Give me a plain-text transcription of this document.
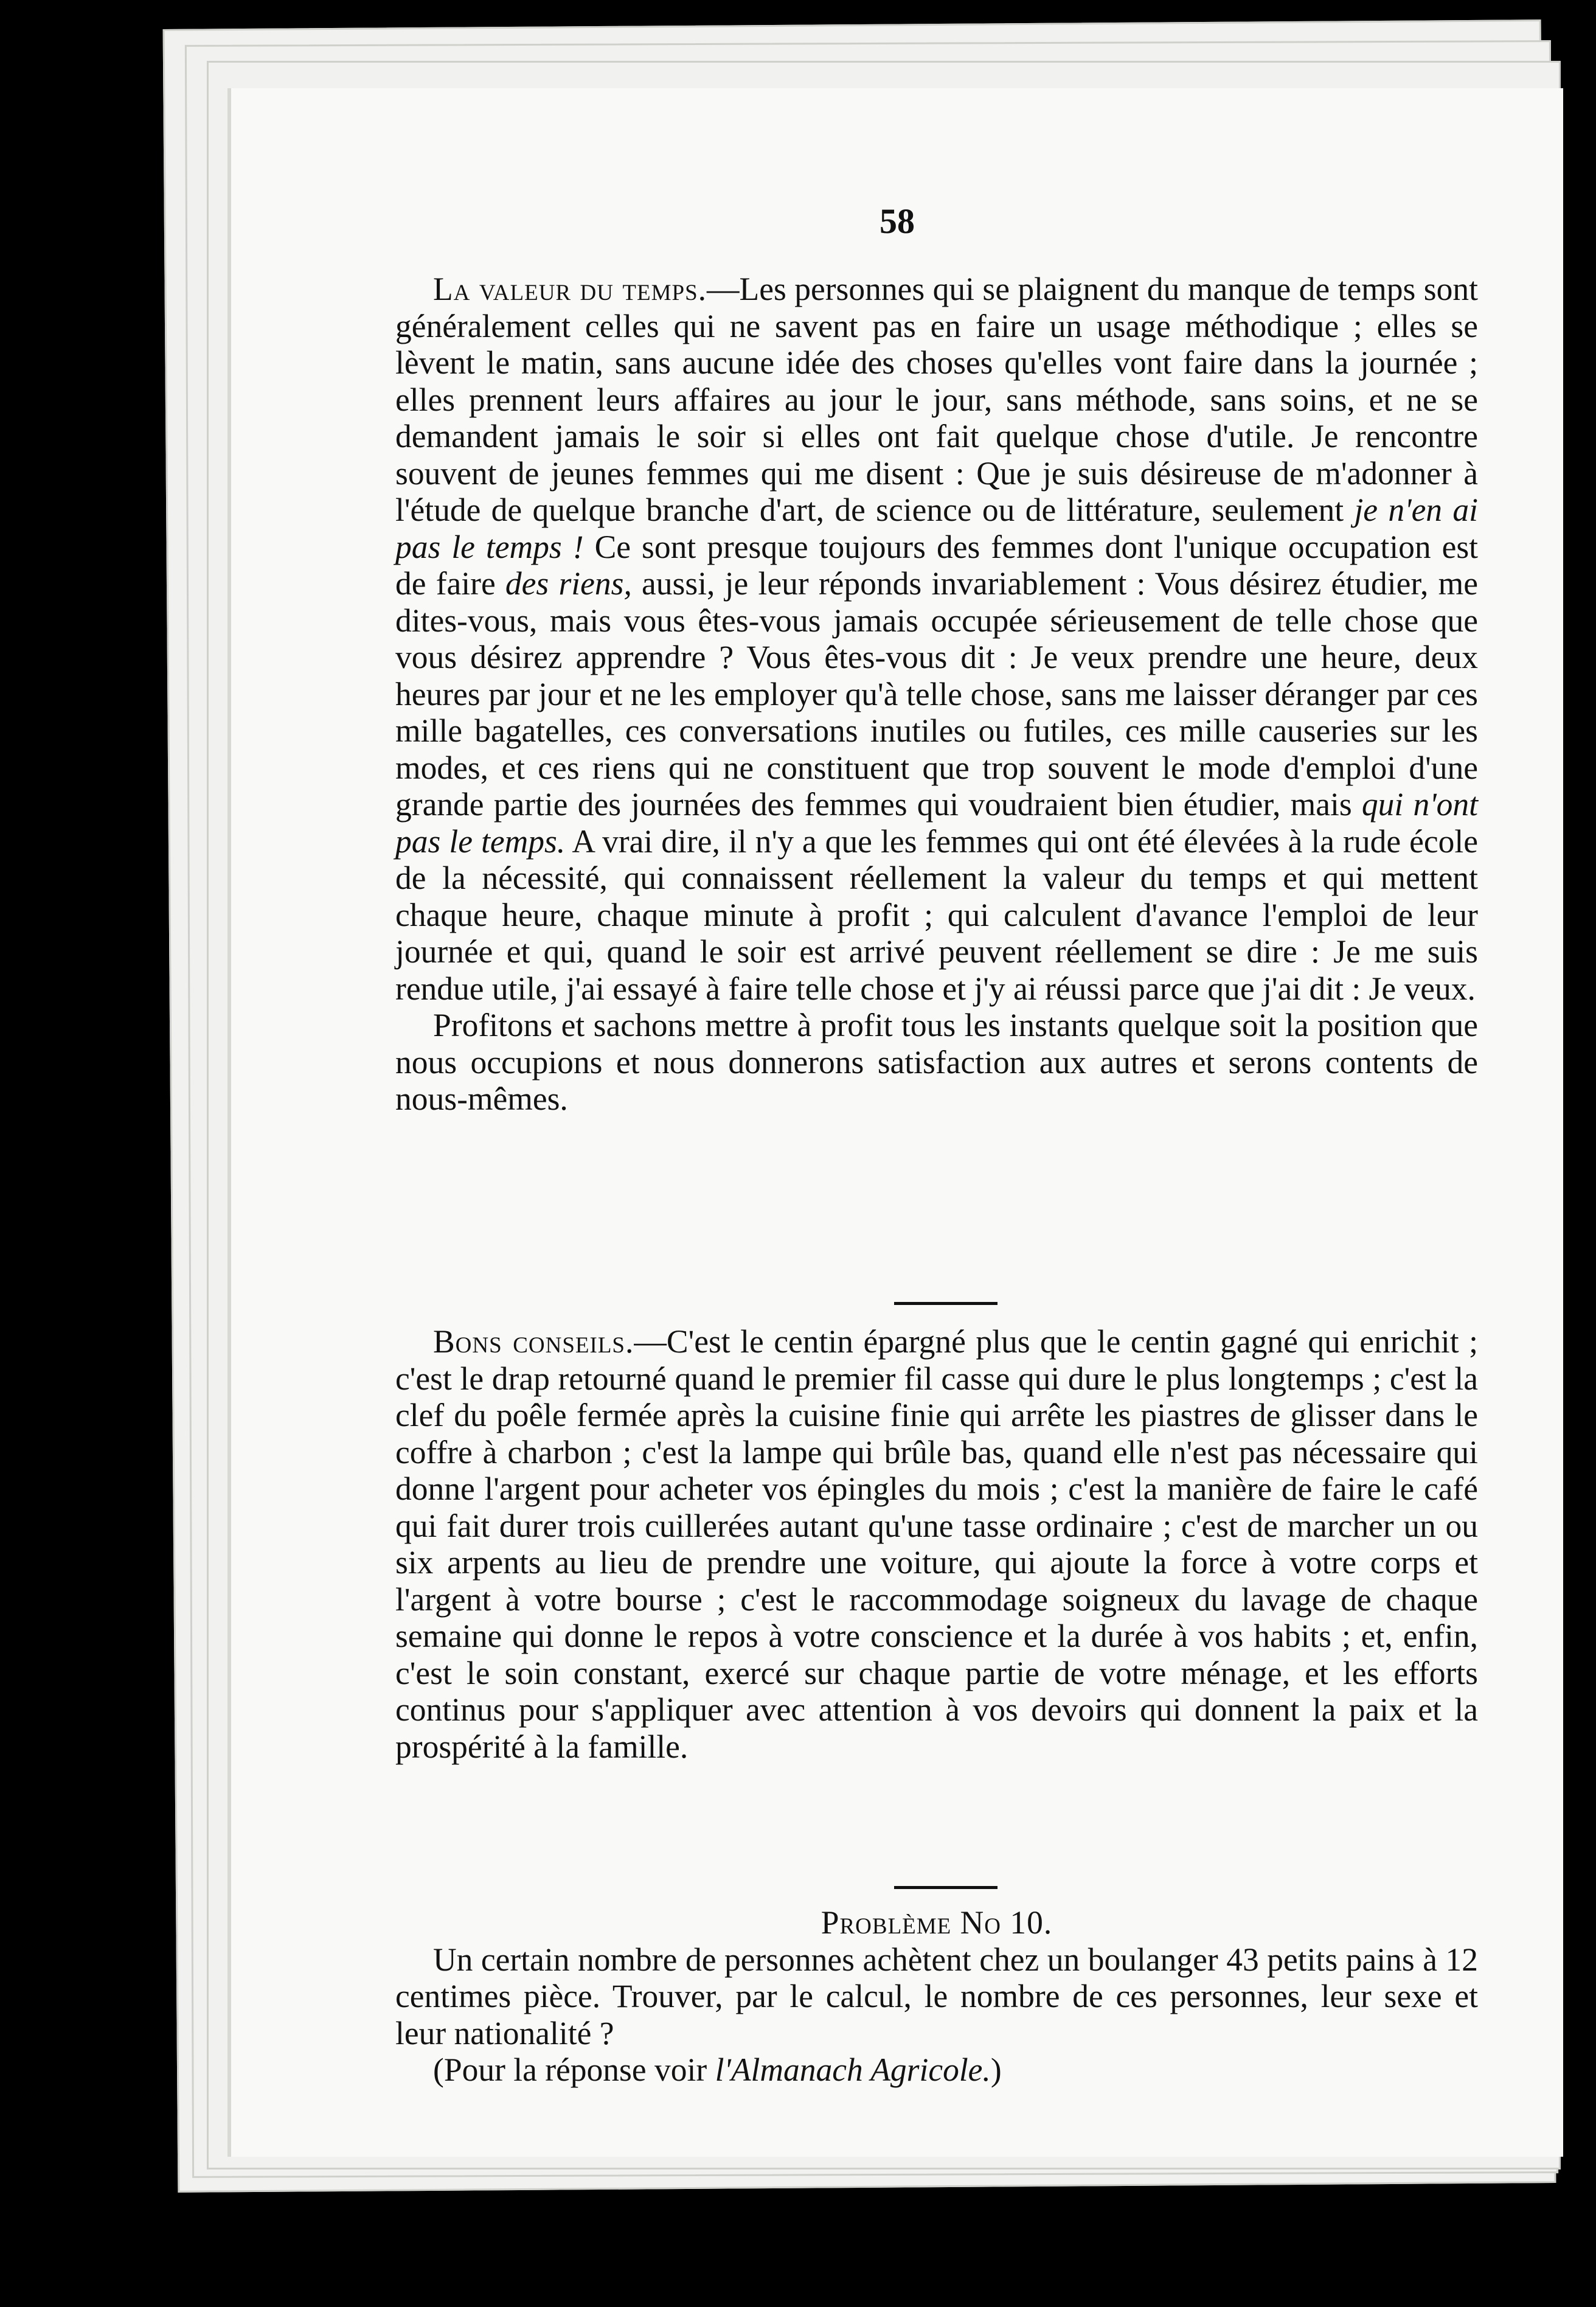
58

La valeur du temps.—Les personnes qui se plaignent du manque de temps sont généralement celles qui ne savent pas en faire un usage méthodique ; elles se lèvent le matin, sans aucune idée des choses qu'elles vont faire dans la journée ; elles prennent leurs affaires au jour le jour, sans méthode, sans soins, et ne se demandent jamais le soir si elles ont fait quelque chose d'utile. Je rencontre souvent de jeunes femmes qui me disent : Que je suis désireuse de m'adonner à l'étude de quelque branche d'art, de science ou de littérature, seulement je n'en ai pas le temps ! Ce sont presque toujours des femmes dont l'unique occupation est de faire des riens, aussi, je leur réponds invariablement : Vous désirez étudier, me dites-vous, mais vous êtes-vous jamais occupée sérieusement de telle chose que vous désirez apprendre ? Vous êtes-vous dit : Je veux prendre une heure, deux heures par jour et ne les employer qu'à telle chose, sans me laisser déranger par ces mille bagatelles, ces conversations inutiles ou futiles, ces mille causeries sur les modes, et ces riens qui ne constituent que trop souvent le mode d'emploi d'une grande partie des journées des femmes qui voudraient bien étudier, mais qui n'ont pas le temps. A vrai dire, il n'y a que les femmes qui ont été élevées à la rude école de la nécessité, qui connaissent réellement la valeur du temps et qui mettent chaque heure, chaque minute à profit ; qui calculent d'avance l'emploi de leur journée et qui, quand le soir est arrivé peuvent réellement se dire : Je me suis rendue utile, j'ai essayé à faire telle chose et j'y ai réussi parce que j'ai dit : Je veux.

Profitons et sachons mettre à profit tous les instants quelque soit la position que nous occupions et nous donnerons satisfaction aux autres et serons contents de nous-mêmes.

Bons conseils.—C'est le centin épargné plus que le centin gagné qui enrichit ; c'est le drap retourné quand le premier fil casse qui dure le plus longtemps ; c'est la clef du poêle fermée après la cuisine finie qui arrête les piastres de glisser dans le coffre à charbon ; c'est la lampe qui brûle bas, quand elle n'est pas nécessaire qui donne l'argent pour acheter vos épingles du mois ; c'est la manière de faire le café qui fait durer trois cuillerées autant qu'une tasse ordinaire ; c'est de marcher un ou six arpents au lieu de prendre une voiture, qui ajoute la force à votre corps et l'argent à votre bourse ; c'est le raccommodage soigneux du lavage de chaque semaine qui donne le repos à votre conscience et la durée à vos habits ; et, enfin, c'est le soin constant, exercé sur chaque partie de votre ménage, et les efforts continus pour s'appliquer avec attention à vos devoirs qui donnent la paix et la prospérité à la famille.

Problème No 10.

Un certain nombre de personnes achètent chez un boulanger 43 petits pains à 12 centimes pièce. Trouver, par le calcul, le nombre de ces personnes, leur sexe et leur nationalité ?

(Pour la réponse voir l'Almanach Agricole.)
